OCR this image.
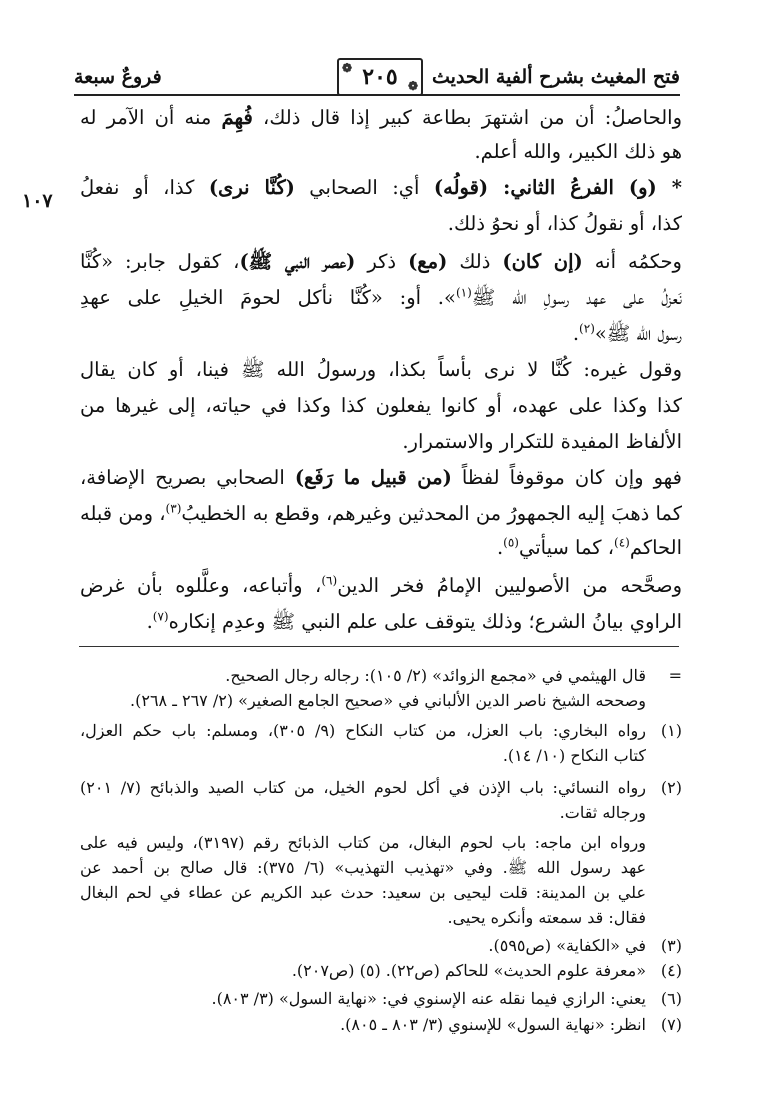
فتح المغيث بشرح ألفية الحديث
❁ ٢٠٥ ❁
فروعٌ سبعة
١٠٧
والحاصلُ: أن من اشتهرَ بطاعة كبير إذا قال ذلك، فُهِمَ منه أن الآمر له
هو ذلك الكبير، والله أعلم.
* (و) الفرعُ الثاني: (قولُه) أي: الصحابي (كُنَّا نرى) كذا، أو نفعلُ
كذا، أو نقولُ كذا، أو نحوُ ذلك.
وحكمُه أنه (إن كان) ذلك (مع) ذكر (عصر النبي ﷺ)، كقول جابر: «كُنَّا
نَعزلُ على عهد رسولِ الله ﷺ$^{(١)}$». أو: «كُنَّا نأكل لحومَ الخيلِ على عهدِ
رسول الله ﷺ»$^{(٢)}$.
وقول غيره: كُنَّا لا نرى بأساً بكذا، ورسولُ الله ﷺ فينا، أو كان يقال
كذا وكذا على عهده، أو كانوا يفعلون كذا وكذا في حياته، إلى غيرها من
الألفاظ المفيدة للتكرار والاستمرار.
فهو وإن كان موقوفاً لفظاً (من قبيل ما رَفَع) الصحابي بصريح الإضافة،
كما ذهبَ إليه الجمهورُ من المحدثين وغيرهم، وقطع به الخطيبُ$^{(٣)}$، ومن قبله
الحاكم$^{(٤)}$، كما سيأتي$^{(٥)}$.
وصحَّحه من الأصوليين الإمامُ فخر الدين$^{(٦)}$، وأتباعه، وعلَّلوه بأن غرض
الراوي بيانُ الشرع؛ وذلك يتوقف على علم النبي ﷺ وعدِم إنكاره$^{(٧)}$.
=
قال الهيثمي في «مجمع الزوائد» (٢/ ١٠٥): رجاله رجال الصحيح.
وصححه الشيخ ناصر الدين الألباني في «صحيح الجامع الصغير» (٢/ ٢٦٧ ـ ٢٦٨).
(١)
رواه البخاري: باب العزل، من كتاب النكاح (٩/ ٣٠٥)، ومسلم: باب حكم العزل،
كتاب النكاح (١٠/ ١٤).
(٢)
رواه النسائي: باب الإذن في أكل لحوم الخيل، من كتاب الصيد والذبائح (٧/ ٢٠١)
ورجاله ثقات.
ورواه ابن ماجه: باب لحوم البغال، من كتاب الذبائح رقم (٣١٩٧)، وليس فيه على
عهد رسول الله ﷺ. وفي «تهذيب التهذيب» (٦/ ٣٧٥): قال صالح بن أحمد عن
علي بن المدينة: قلت ليحيى بن سعيد: حدث عبد الكريم عن عطاء في لحم البغال
فقال: قد سمعته وأنكره يحيى.
(٣)
في «الكفاية» (ص٥٩٥).
(٤)
«معرفة علوم الحديث» للحاكم (ص٢٢). (٥) (ص٢٠٧).
(٦)
يعني: الرازي فيما نقله عنه الإسنوي في: «نهاية السول» (٣/ ٨٠٣).
(٧)
انظر: «نهاية السول» للإسنوي (٣/ ٨٠٣ ـ ٨٠٥).
